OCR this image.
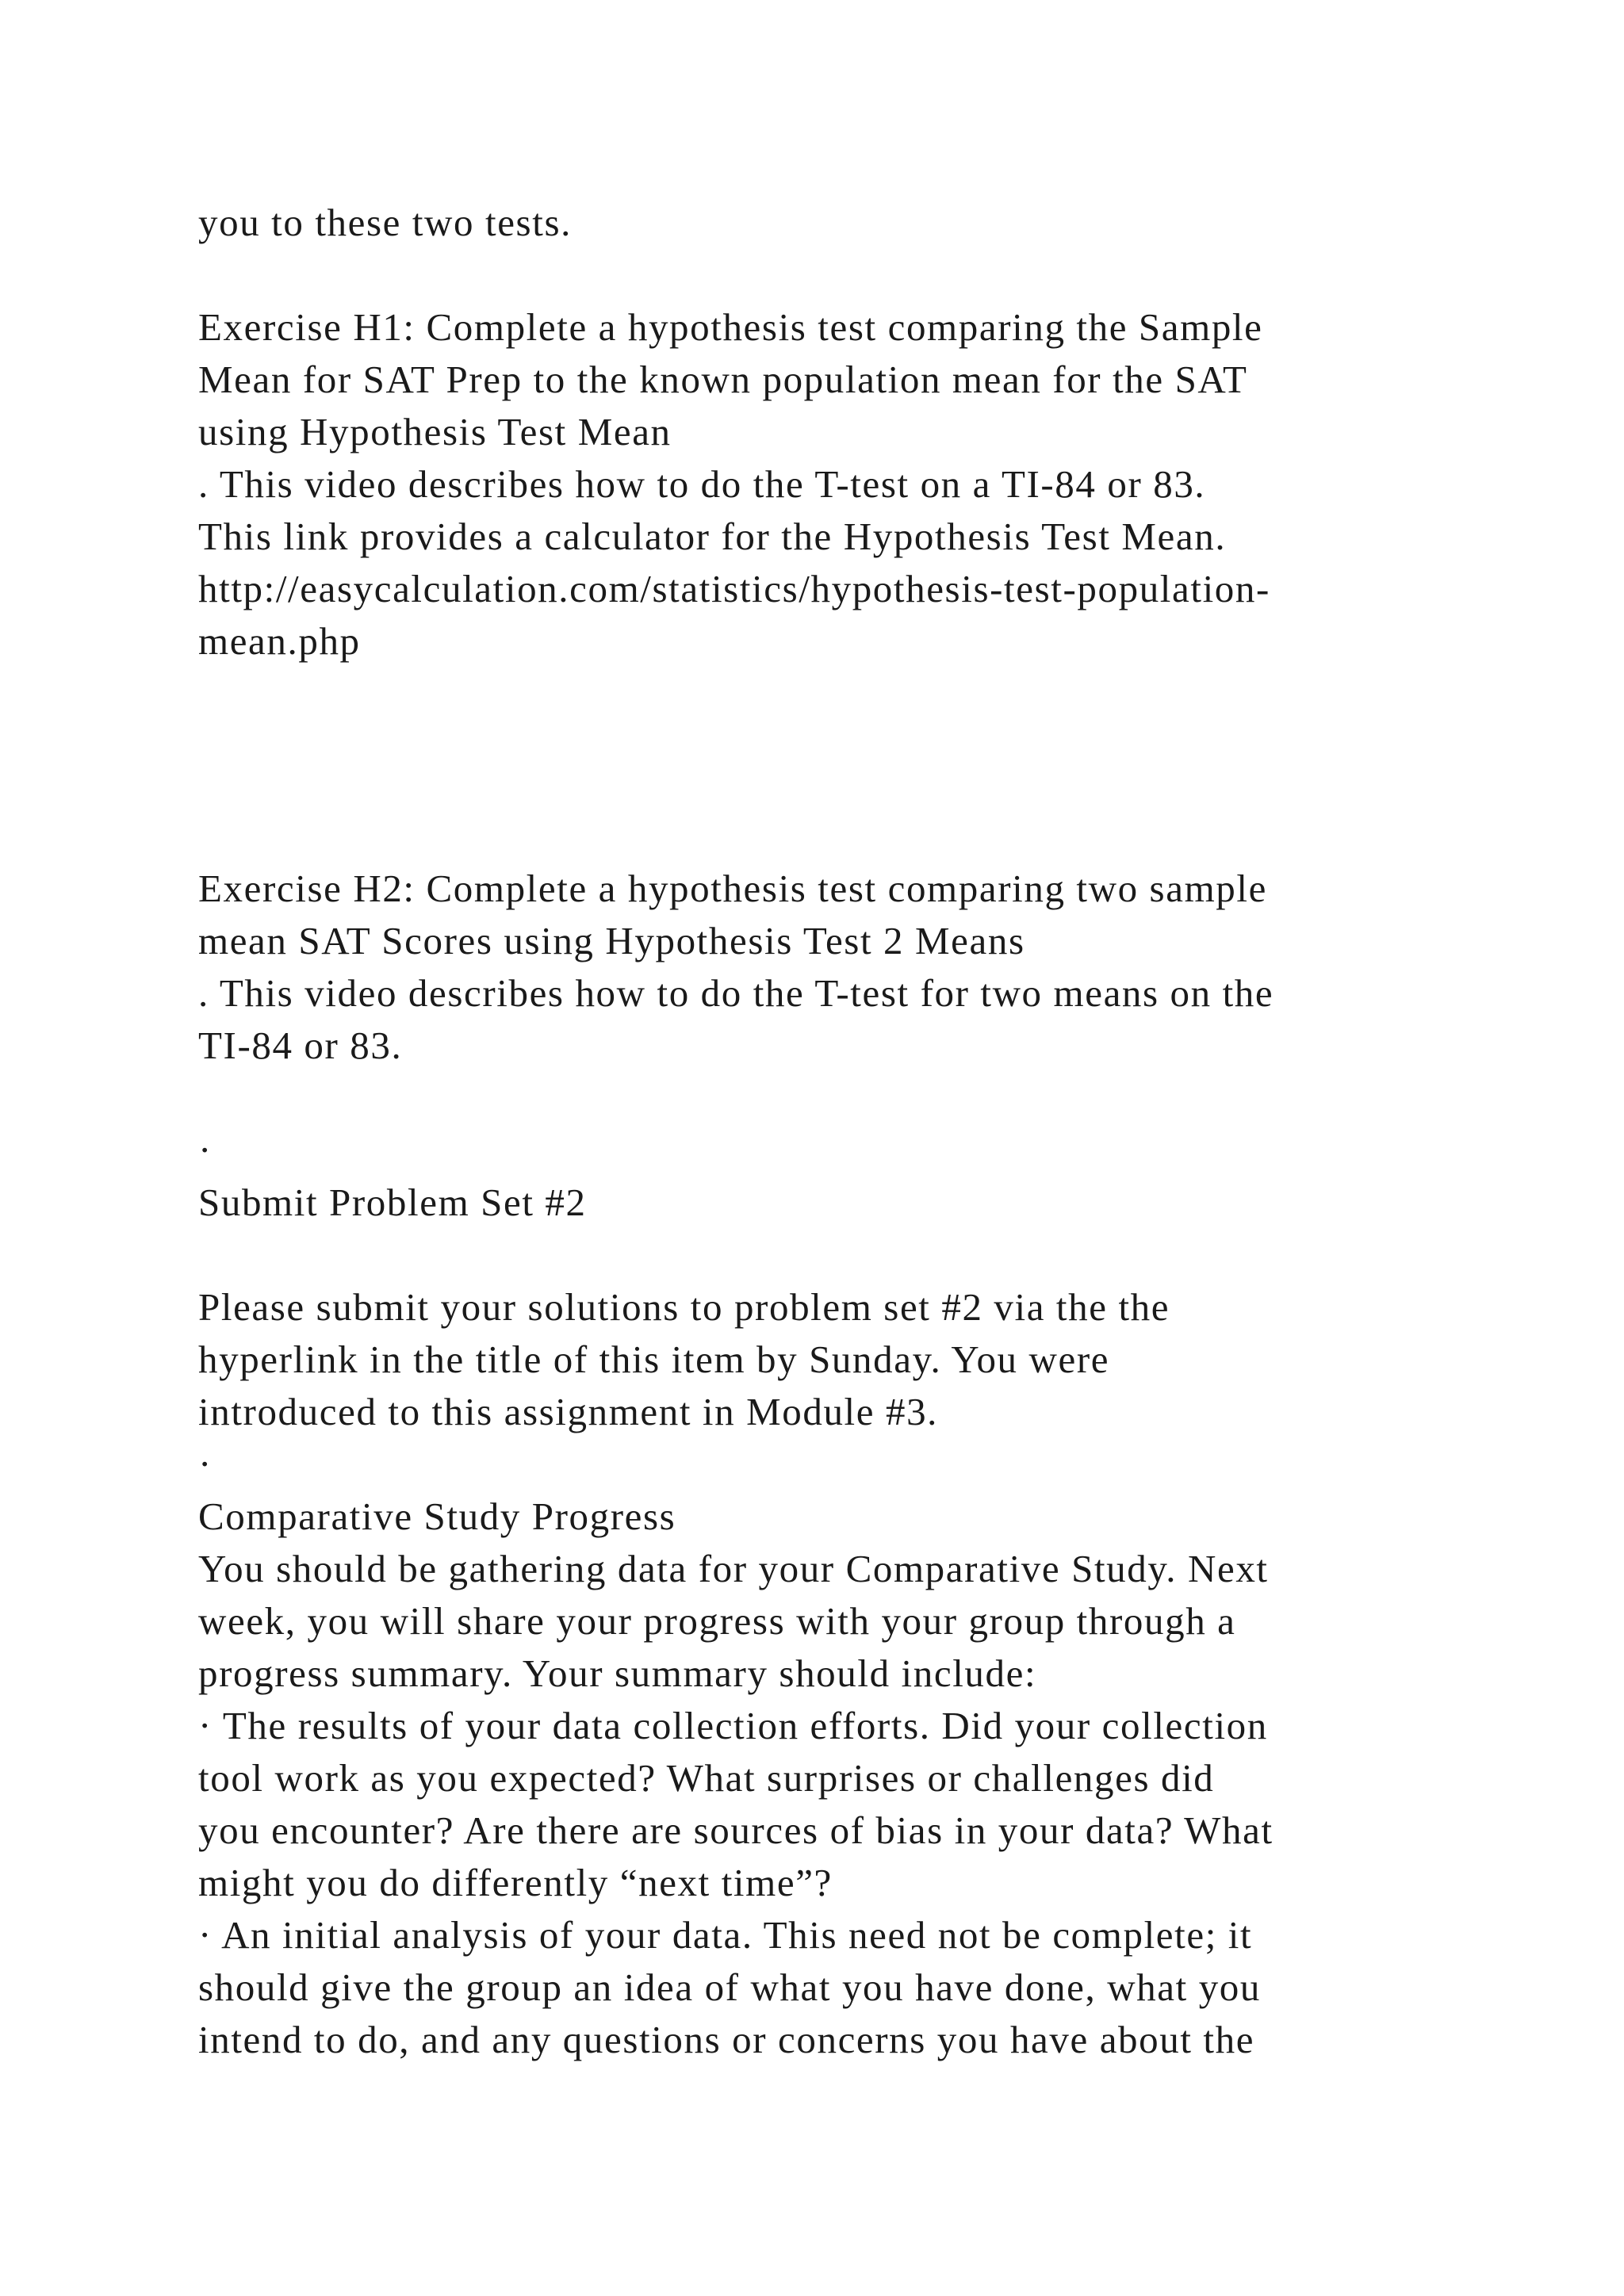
you to these two tests.
Exercise H1: Complete a hypothesis test comparing the Sample
Mean for SAT Prep to the known population mean for the SAT
using Hypothesis Test Mean
. This video describes how to do the T-test on a TI-84 or 83.
This link provides a calculator for the Hypothesis Test Mean.
http://easycalculation.com/statistics/hypothesis-test-population-
mean.php
Exercise H2: Complete a hypothesis test comparing two sample
mean SAT Scores using Hypothesis Test 2 Means
. This video describes how to do the T-test for two means on the
TI-84 or 83.
·
Submit Problem Set #2
Please submit your solutions to problem set #2 via the the
hyperlink in the title of this item by Sunday. You were
introduced to this assignment in Module #3.
·
Comparative Study Progress
You should be gathering data for your Comparative Study. Next
week, you will share your progress with your group through a
progress summary. Your summary should include:
· The results of your data collection efforts. Did your collection
tool work as you expected? What surprises or challenges did
you encounter? Are there are sources of bias in your data? What
might you do differently “next time”?
· An initial analysis of your data. This need not be complete; it
should give the group an idea of what you have done, what you
intend to do, and any questions or concerns you have about the
